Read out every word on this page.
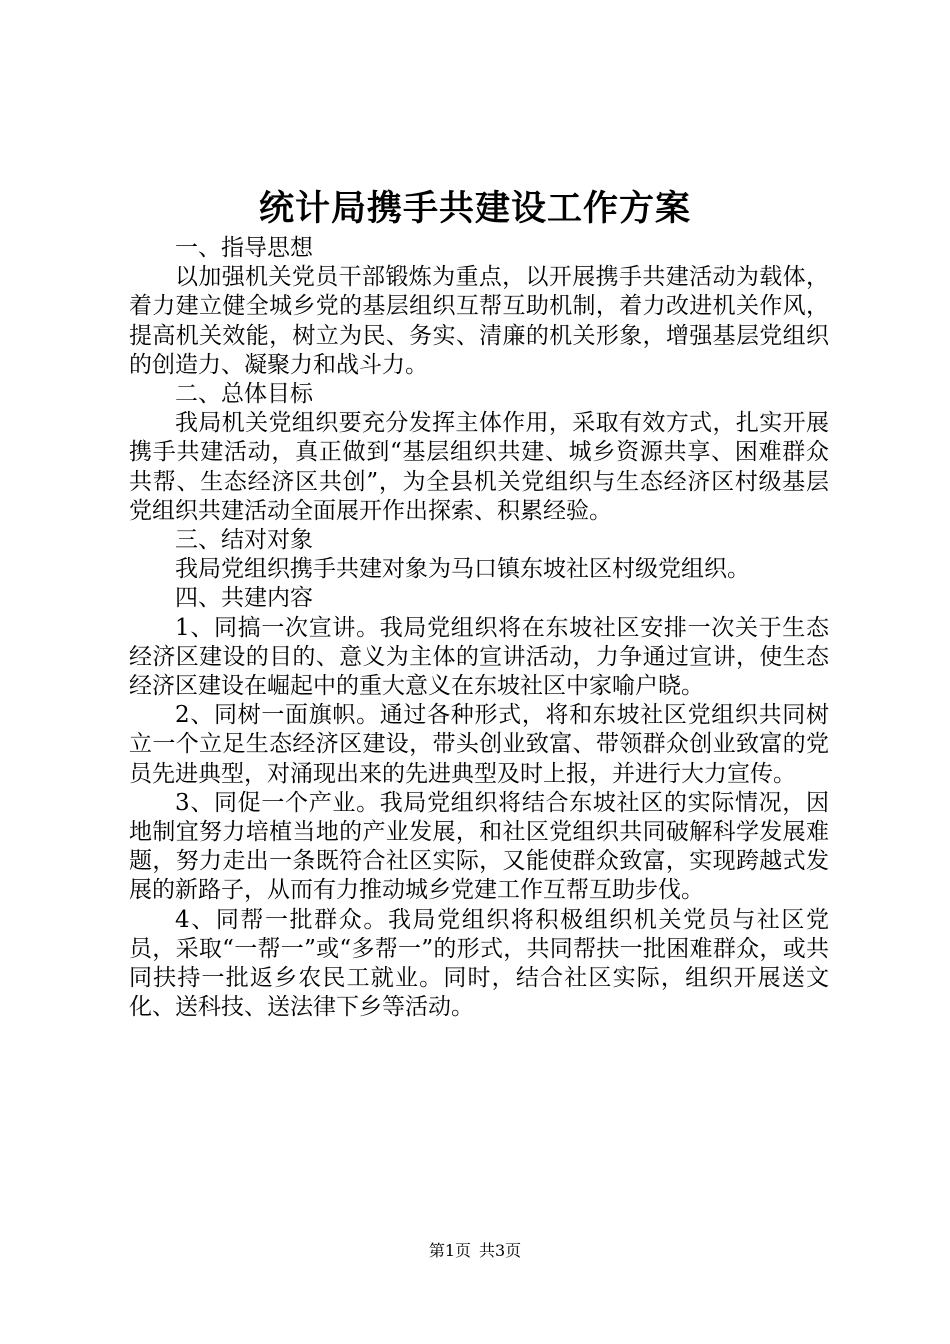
统计局携手共建设工作方案

一、指导思想

以加强机关党员干部锻炼为重点，以开展携手共建活动为载体，着力建立健全城乡党的基层组织互帮互助机制，着力改进机关作风，提高机关效能，树立为民、务实、清廉的机关形象，增强基层党组织的创造力、凝聚力和战斗力。

二、总体目标

我局机关党组织要充分发挥主体作用，采取有效方式，扎实开展携手共建活动，真正做到“基层组织共建、城乡资源共享、困难群众共帮、生态经济区共创”，为全县机关党组织与生态经济区村级基层党组织共建活动全面展开作出探索、积累经验。

三、结对对象

我局党组织携手共建对象为马口镇东坡社区村级党组织。

四、共建内容

1、同搞一次宣讲。我局党组织将在东坡社区安排一次关于生态经济区建设的目的、意义为主体的宣讲活动，力争通过宣讲，使生态经济区建设在崛起中的重大意义在东坡社区中家喻户晓。

2、同树一面旗帜。通过各种形式，将和东坡社区党组织共同树立一个立足生态经济区建设，带头创业致富、带领群众创业致富的党员先进典型，对涌现出来的先进典型及时上报，并进行大力宣传。

3、同促一个产业。我局党组织将结合东坡社区的实际情况，因地制宜努力培植当地的产业发展，和社区党组织共同破解科学发展难题，努力走出一条既符合社区实际，又能使群众致富，实现跨越式发展的新路子，从而有力推动城乡党建工作互帮互助步伐。

4、同帮一批群众。我局党组织将积极组织机关党员与社区党员，采取“一帮一”或“多帮一”的形式，共同帮扶一批困难群众，或共同扶持一批返乡农民工就业。同时，结合社区实际，组织开展送文化、送科技、送法律下乡等活动。

第1页 共3页
